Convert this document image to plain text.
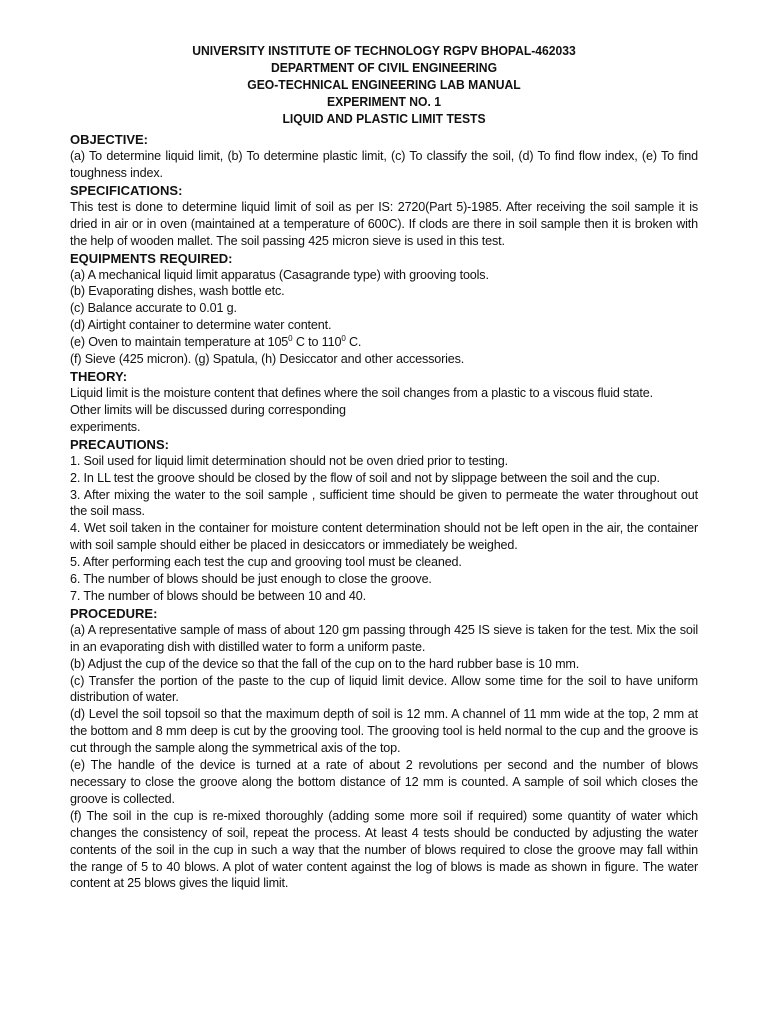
UNIVERSITY INSTITUTE OF TECHNOLOGY RGPV BHOPAL-462033
DEPARTMENT OF CIVIL ENGINEERING
GEO-TECHNICAL ENGINEERING LAB MANUAL
EXPERIMENT NO. 1
LIQUID AND PLASTIC LIMIT TESTS
OBJECTIVE:

(a) To determine liquid limit, (b) To determine plastic limit, (c) To classify the soil, (d) To find flow index, (e) To find toughness index.

SPECIFICATIONS:

This test is done to determine liquid limit of soil as per IS: 2720(Part 5)-1985. After receiving the soil sample it is dried in air or in oven (maintained at a temperature of 600C). If clods are there in soil sample then it is broken with the help of wooden mallet. The soil passing 425 micron sieve is used in this test.

EQUIPMENTS REQUIRED:

(a) A mechanical liquid limit apparatus (Casagrande type) with grooving tools.

(b) Evaporating dishes, wash bottle etc.

(c) Balance accurate to 0.01 g.

(d) Airtight container to determine water content.

(e) Oven to maintain temperature at $105^0$ C to $110^0$ C.

(f) Sieve (425 micron). (g) Spatula, (h) Desiccator and other accessories.

THEORY:

Liquid limit is the moisture content that defines where the soil changes from a plastic to a viscous fluid state.

Other limits will be discussed during corresponding

experiments.

PRECAUTIONS:

1. Soil used for liquid limit determination should not be oven dried prior to testing.

2. In LL test the groove should be closed by the flow of soil and not by slippage between the soil and the cup.

3. After mixing the water to the soil sample , sufficient time should be given to permeate the water throughout out the soil mass.

4. Wet soil taken in the container for moisture content determination should not be left open in the air, the container with soil sample should either be placed in desiccators or immediately be weighed.

5. After performing each test the cup and grooving tool must be cleaned.

6. The number of blows should be just enough to close the groove.

7. The number of blows should be between 10 and 40.

PROCEDURE:

(a) A representative sample of mass of about 120 gm passing through 425 IS sieve is taken for the test. Mix the soil in an evaporating dish with distilled water to form a uniform paste.

(b) Adjust the cup of the device so that the fall of the cup on to the hard rubber base is 10 mm.

(c) Transfer the portion of the paste to the cup of liquid limit device. Allow some time for the soil to have uniform distribution of water.

(d) Level the soil topsoil so that the maximum depth of soil is 12 mm. A channel of 11 mm wide at the top, 2 mm at the bottom and 8 mm deep is cut by the grooving tool. The grooving tool is held normal to the cup and the groove is cut through the sample along the symmetrical axis of the top.

(e) The handle of the device is turned at a rate of about 2 revolutions per second and the number of blows necessary to close the groove along the bottom distance of 12 mm is counted. A sample of soil which closes the groove is collected.

(f) The soil in the cup is re-mixed thoroughly (adding some more soil if required) some quantity of water which changes the consistency of soil, repeat the process. At least 4 tests should be conducted by adjusting the water contents of the soil in the cup in such a way that the number of blows required to close the groove may fall within the range of 5 to 40 blows. A plot of water content against the log of blows is made as shown in figure. The water content at 25 blows gives the liquid limit.
